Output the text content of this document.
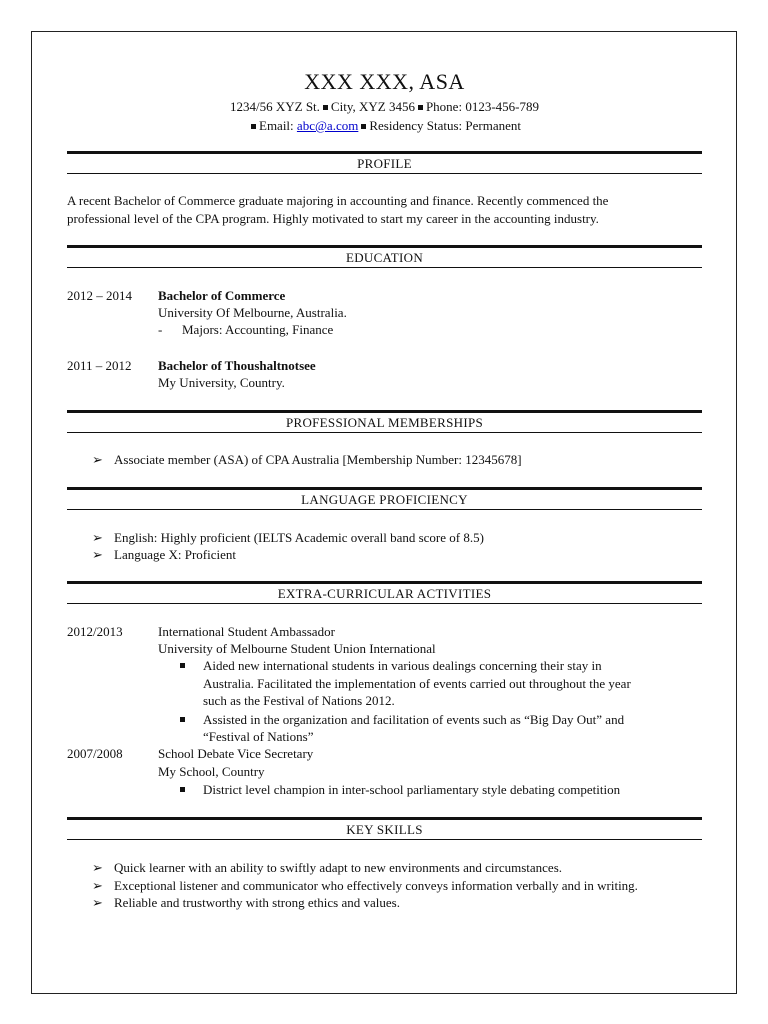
XXX XXX, ASA
1234/56 XYZ St. City, XYZ 3456 Phone: 0123-456-789
Email: abc@a.com Residency Status: Permanent
PROFILE
A recent Bachelor of Commerce graduate majoring in accounting and finance. Recently commenced the
professional level of the CPA program. Highly motivated to start my career in the accounting industry.
EDUCATION
2012 – 2014 Bachelor of Commerce
University Of Melbourne, Australia.
- Majors: Accounting, Finance
2011 – 2012 Bachelor of Thoushaltnotsee
My University, Country.
PROFESSIONAL MEMBERSHIPS
➢ Associate member (ASA) of CPA Australia [Membership Number: 12345678]
LANGUAGE PROFICIENCY
➢ English: Highly proficient (IELTS Academic overall band score of 8.5)
➢ Language X: Proficient
EXTRA-CURRICULAR ACTIVITIES
2012/2013	International Student Ambassador
University of Melbourne Student Union International
Aided new international students in various dealings concerning their stay in
Australia. Facilitated the implementation of events carried out throughout the year
such as the Festival of Nations 2012.
Assisted in the organization and facilitation of events such as “Big Day Out” and
“Festival of Nations”
2007/2008	School Debate Vice Secretary
My School, Country
District level champion in inter-school parliamentary style debating competition
KEY SKILLS
➢ Quick learner with an ability to swiftly adapt to new environments and circumstances.
➢ Exceptional listener and communicator who effectively conveys information verbally and in writing.
➢ Reliable and trustworthy with strong ethics and values.
